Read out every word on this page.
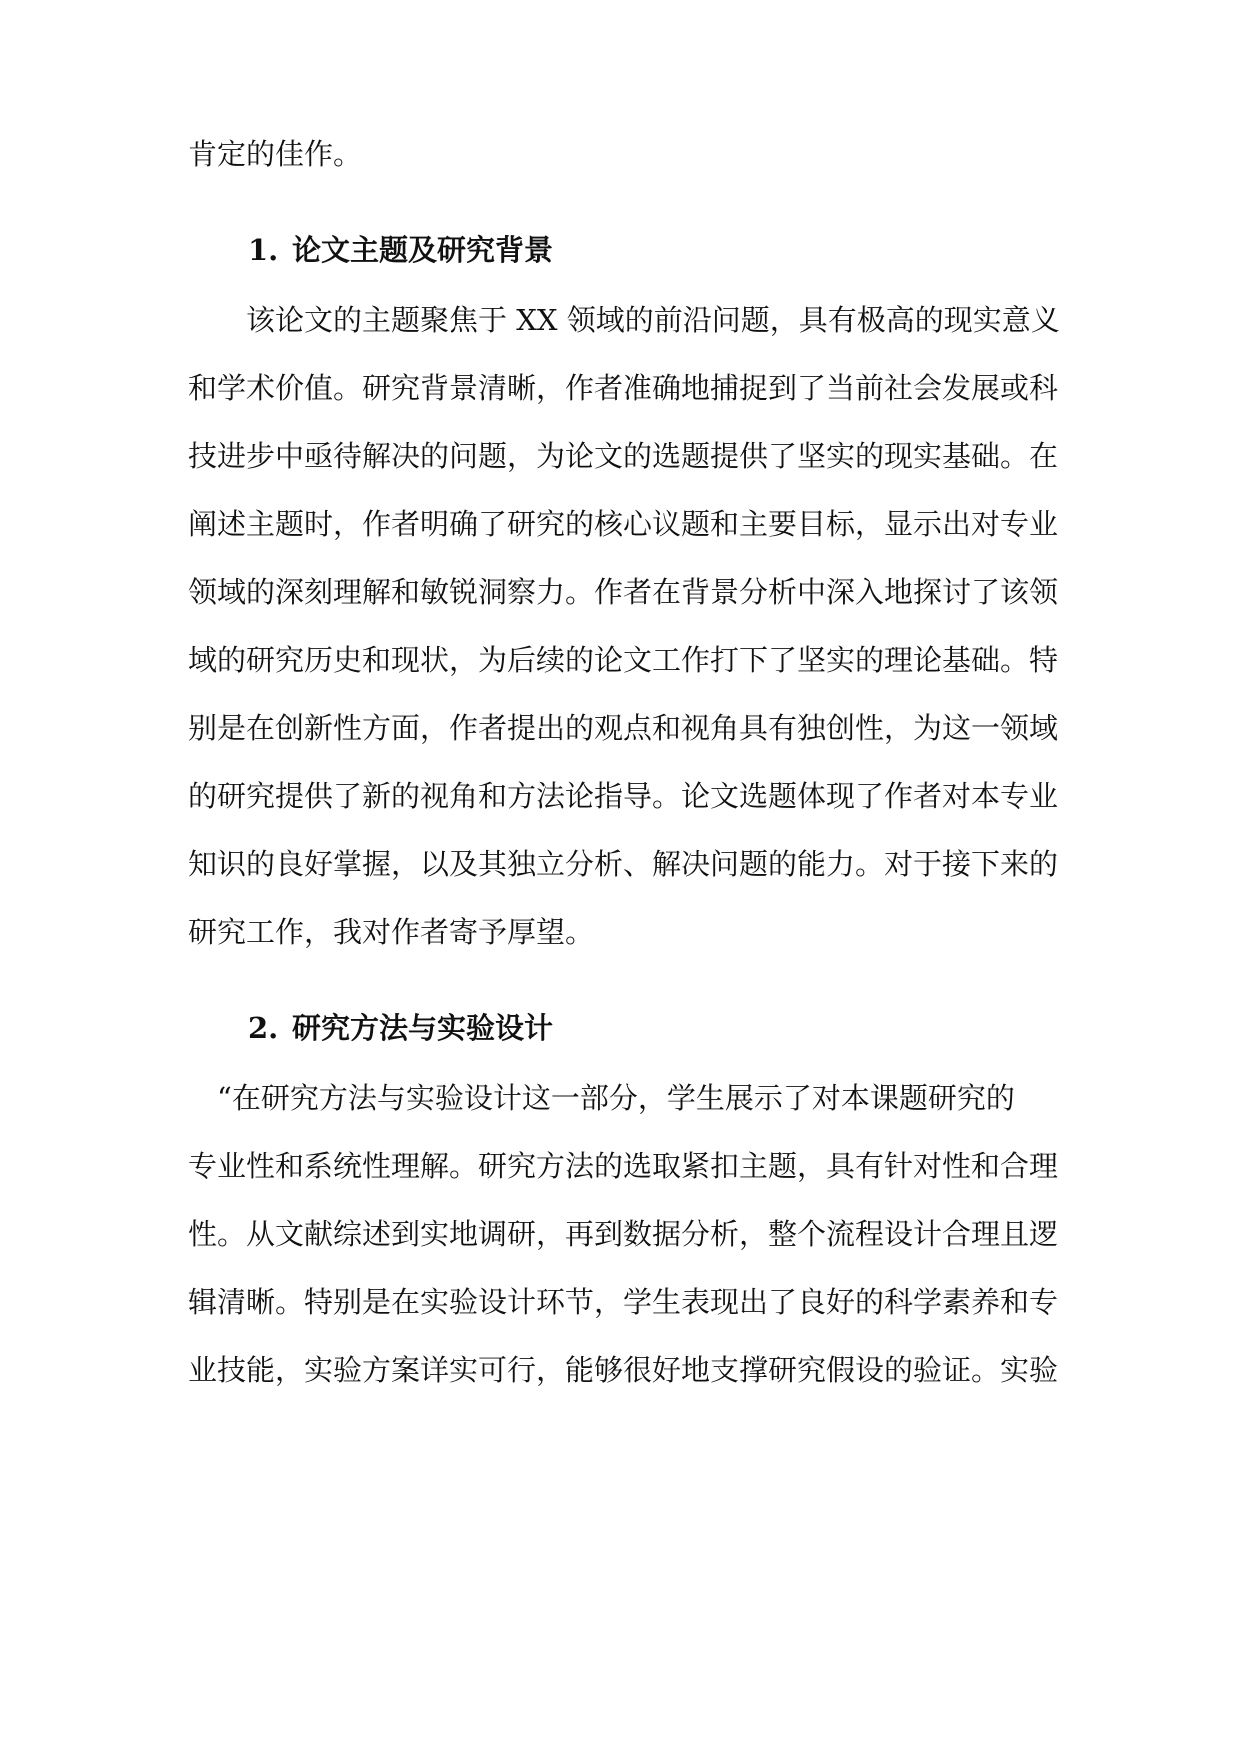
肯定的佳作。
1. 论文主题及研究背景
　　该论文的主题聚焦于 XX 领域的前沿问题，具有极高的现实意义
和学术价值。研究背景清晰，作者准确地捕捉到了当前社会发展或科
技进步中亟待解决的问题，为论文的选题提供了坚实的现实基础。在
阐述主题时，作者明确了研究的核心议题和主要目标，显示出对专业
领域的深刻理解和敏锐洞察力。作者在背景分析中深入地探讨了该领
域的研究历史和现状，为后续的论文工作打下了坚实的理论基础。特
别是在创新性方面，作者提出的观点和视角具有独创性，为这一领域
的研究提供了新的视角和方法论指导。论文选题体现了作者对本专业
知识的良好掌握，以及其独立分析、解决问题的能力。对于接下来的
研究工作，我对作者寄予厚望。
2. 研究方法与实验设计
　“在研究方法与实验设计这一部分，学生展示了对本课题研究的
专业性和系统性理解。研究方法的选取紧扣主题，具有针对性和合理
性。从文献综述到实地调研，再到数据分析，整个流程设计合理且逻
辑清晰。特别是在实验设计环节，学生表现出了良好的科学素养和专
业技能，实验方案详实可行，能够很好地支撑研究假设的验证。实验
